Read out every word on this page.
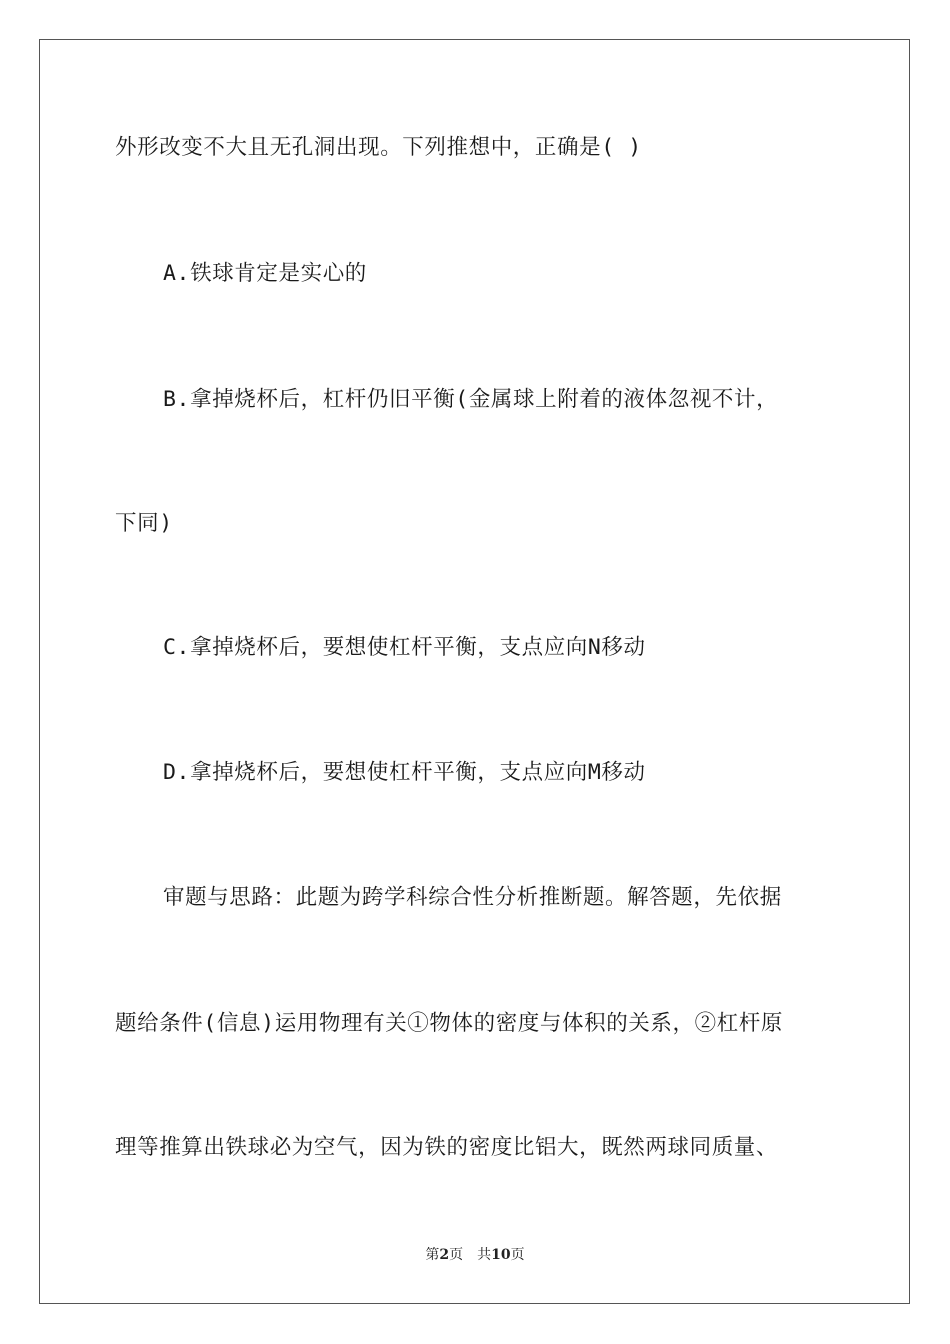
外形改变不大且无孔洞出现。下列推想中，正确是( )
A.铁球肯定是实心的
B.拿掉烧杯后，杠杆仍旧平衡(金属球上附着的液体忽视不计，
下同)
C.拿掉烧杯后，要想使杠杆平衡，支点应向N移动
D.拿掉烧杯后，要想使杠杆平衡，支点应向M移动
审题与思路：此题为跨学科综合性分析推断题。解答题，先依据
题给条件(信息)运用物理有关①物体的密度与体积的关系，②杠杆原
理等推算出铁球必为空气，因为铁的密度比铝大，既然两球同质量、
第2页 共10页
